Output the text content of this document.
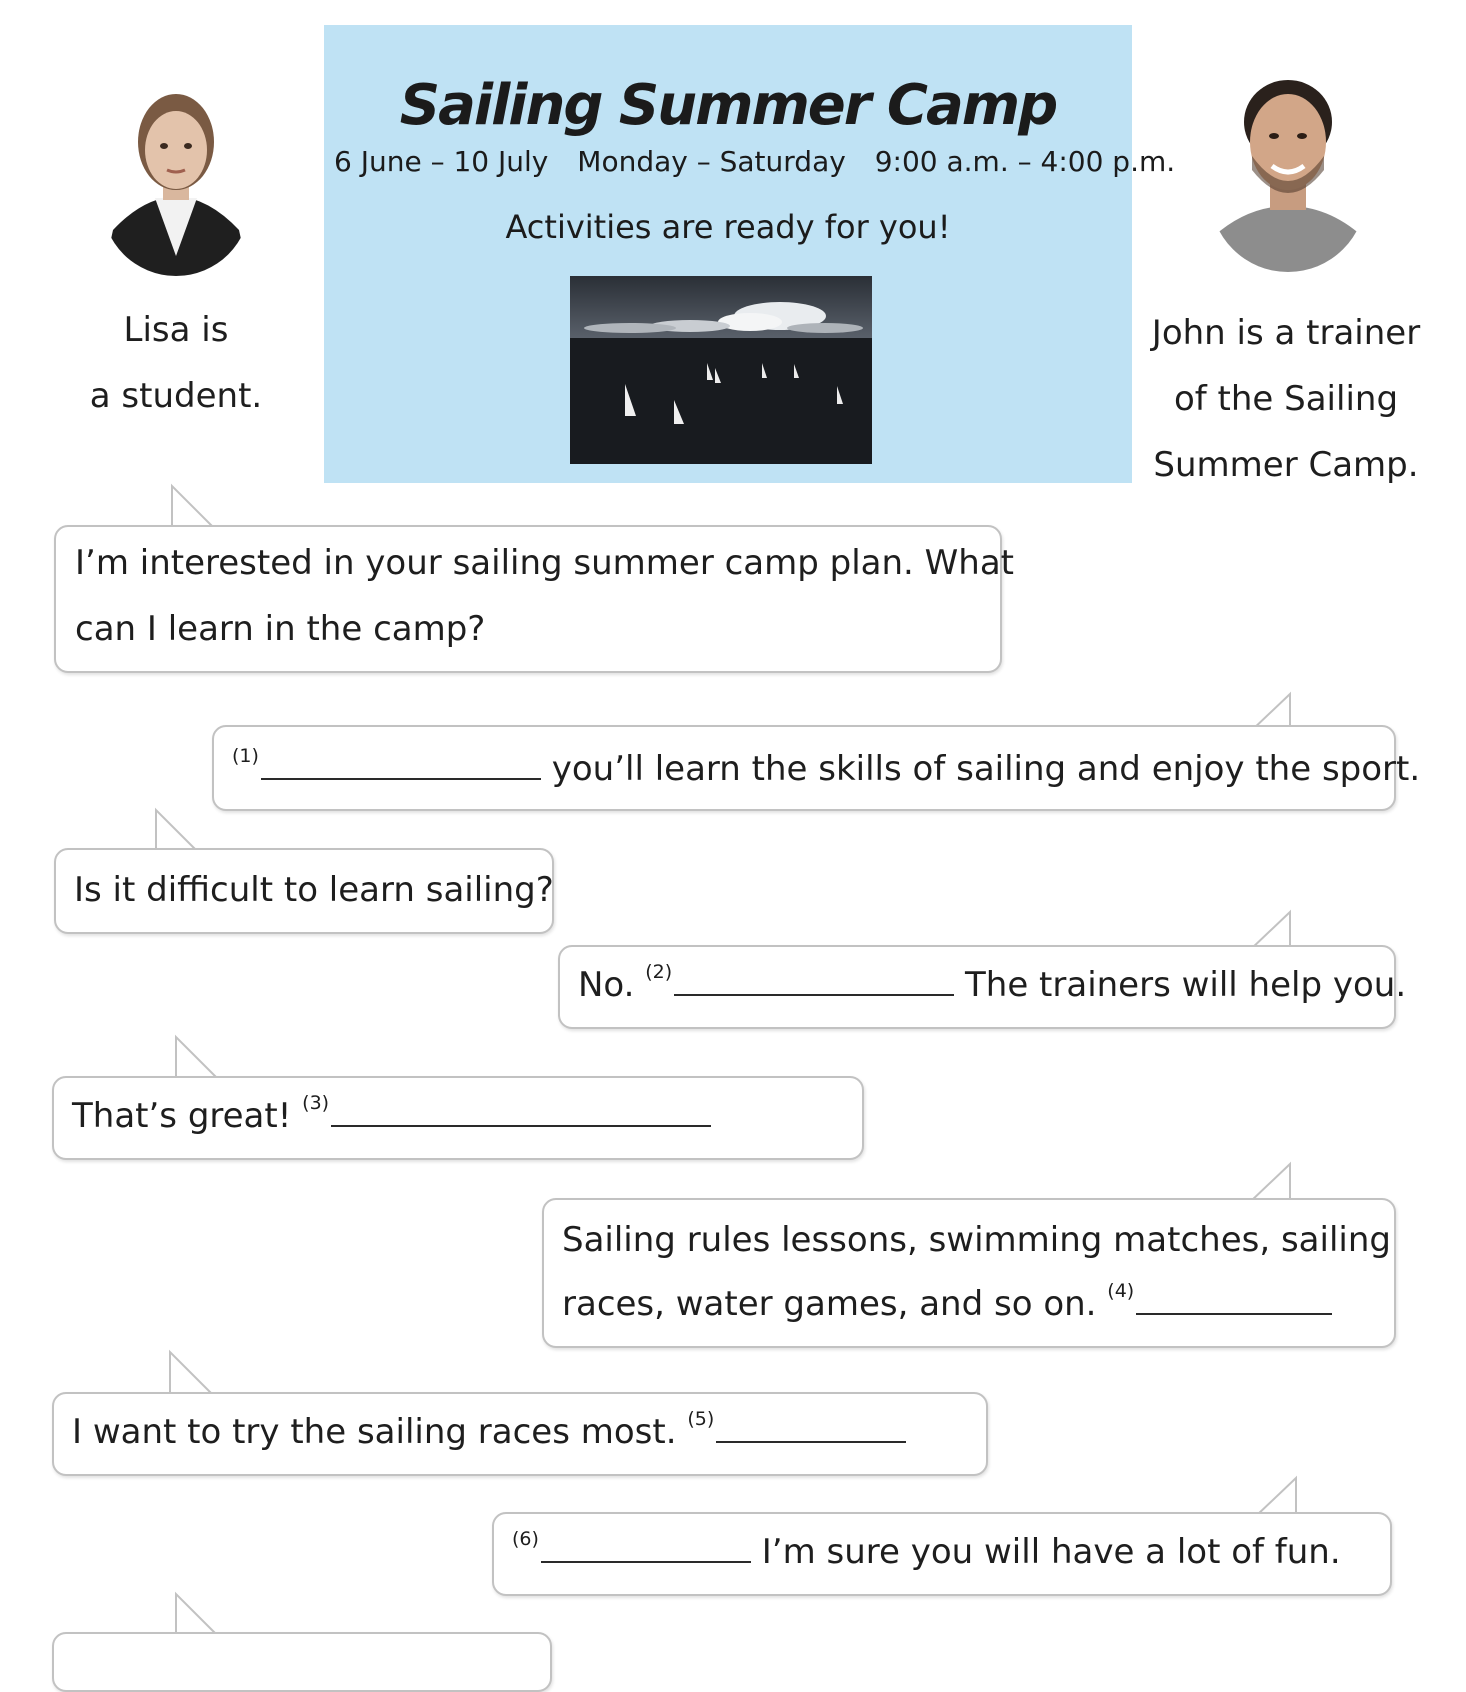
Sailing Summer Camp
6 June – 10 July Monday – Saturday 9:00 a.m. – 4:00 p.m.
Activities are ready for you!
Lisa is
a student.
John is a trainer
of the Sailing
Summer Camp.
I’m interested in your sailing summer camp plan. What
can I learn in the camp?
$^{(1)}$	you’ll learn the skills of sailing and enjoy the sport.
Is it difficult to learn sailing?
No. $^{(2)}$	The trainers will help you.
That’s great! $^{(3)}$
Sailing rules lessons, swimming matches, sailing
races, water games, and so on. $^{(4)}$
I want to try the sailing races most. $^{(5)}$
$^{(6)}$	I’m sure you will have a lot of fun.
